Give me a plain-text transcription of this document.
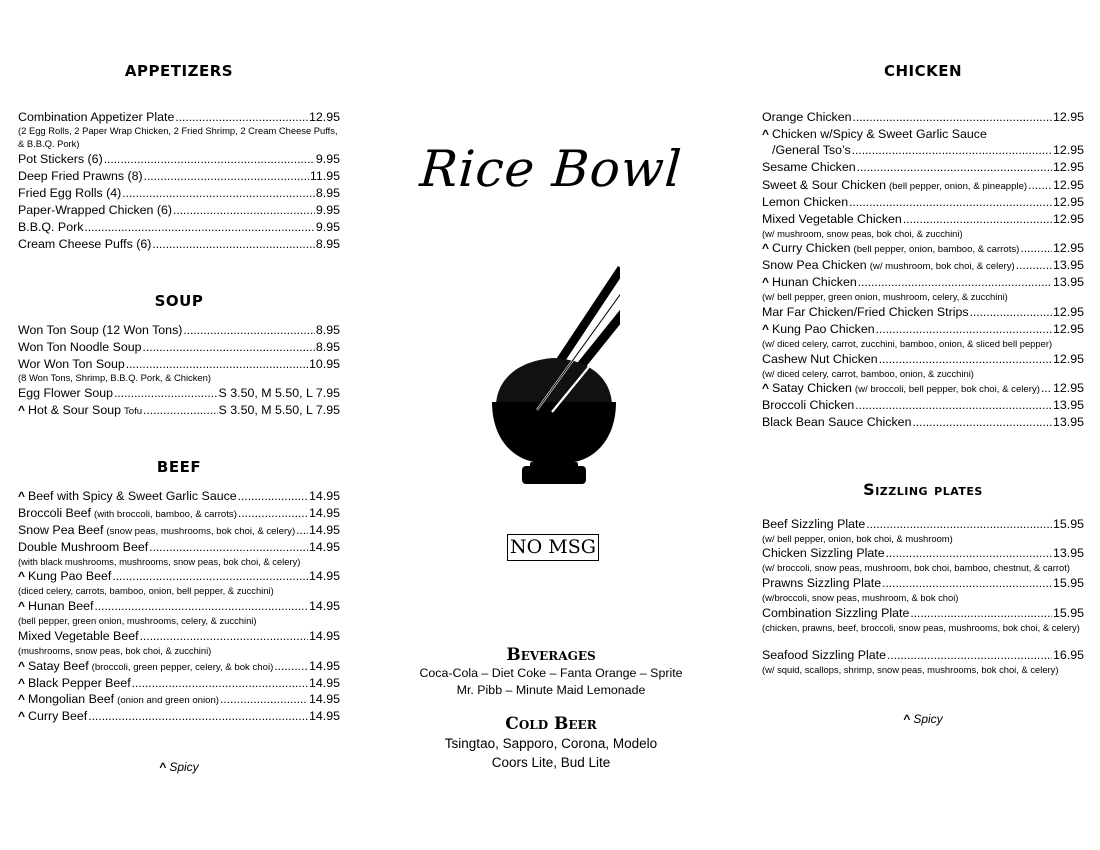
APPETIZERS
Combination Appetizer Plate .....	12.95
(2 Egg Rolls, 2 Paper Wrap Chicken, 2 Fried Shrimp, 2 Cream Cheese Puffs, & B.B.Q. Pork)
Pot Stickers (6) .....	9.95
Deep Fried Prawns (8) .....	11.95
Fried Egg Rolls (4) .....	8.95
Paper-Wrapped Chicken (6) .....	9.95
B.B.Q. Pork .....	9.95
Cream Cheese Puffs (6) .....	8.95
SOUP
Won Ton Soup (12 Won Tons) .....	8.95
Won Ton Noodle Soup .....	8.95
Wor Won Ton Soup .....	10.95
(8 Won Tons, Shrimp, B.B.Q. Pork, & Chicken)
Egg Flower Soup .....	S 3.50, M 5.50, L 7.95
^ Hot & Sour Soup Tofu .....	S 3.50, M 5.50, L 7.95
BEEF
^ Beef with Spicy & Sweet Garlic Sauce .....	14.95
Broccoli Beef (with broccoli, bamboo, & carrots) .....	14.95
Snow Pea Beef (snow peas, mushrooms, bok choi, & celery) ..... 14.95
Double Mushroom Beef .....	14.95
(with black mushrooms, mushrooms, snow peas, bok choi, & celery)
^ Kung Pao Beef .....	14.95
(diced celery, carrots, bamboo, onion, bell pepper, & zucchini)
^ Hunan Beef .....	14.95
(bell pepper, green onion, mushrooms, celery, & zucchini)
Mixed Vegetable Beef .....	14.95
(mushrooms, snow peas, bok choi, & zucchini)
^ Satay Beef (broccoli, green pepper, celery, & bok choi) .....	14.95
^ Black Pepper Beef .....	14.95
^ Mongolian Beef (onion and green onion) .....	14.95
^ Curry Beef .....	14.95
^ Spicy
Rice Bowl
NO MSG
Beverages
Coca-Cola – Diet Coke – Fanta Orange – Sprite
Mr. Pibb – Minute Maid Lemonade
Cold Beer
Tsingtao, Sapporo, Corona, Modelo
Coors Lite, Bud Lite
CHICKEN
Orange Chicken .....	12.95
^ Chicken w/Spicy & Sweet Garlic Sauce
/General Tso’s .....	12.95
Sesame Chicken .....	12.95
Sweet & Sour Chicken (bell pepper, onion, & pineapple) ..... 12.95
Lemon Chicken .....	12.95
Mixed Vegetable Chicken .....	12.95
(w/ mushroom, snow peas, bok choi, & zucchini)
^ Curry Chicken (bell pepper, onion, bamboo, & carrots) .....	12.95
Snow Pea Chicken (w/ mushroom, bok choi, & celery) .....	13.95
^ Hunan Chicken .....	13.95
(w/ bell pepper, green onion, mushroom, celery, & zucchini)
Mar Far Chicken/Fried Chicken Strips .....	12.95
^ Kung Pao Chicken .....	12.95
(w/ diced celery, carrot, zucchini, bamboo, onion, & sliced bell pepper)
Cashew Nut Chicken .....	12.95
(w/ diced celery, carrot, bamboo, onion, & zucchini)
^ Satay Chicken (w/ broccoli, bell pepper, bok choi, & celery) ..... 12.95
Broccoli Chicken .....	13.95
Black Bean Sauce Chicken .....	13.95
Sizzling plates
Beef Sizzling Plate .....	15.95
(w/ bell pepper, onion, bok choi, & mushroom)
Chicken Sizzling Plate .....	13.95
(w/ broccoli, snow peas, mushroom, bok choi, bamboo, chestnut, & carrot)
Prawns Sizzling Plate .....	15.95
(w/broccoli, snow peas, mushroom, & bok choi)
Combination Sizzling Plate .....	15.95
(chicken, prawns, beef, broccoli, snow peas, mushrooms, bok choi, & celery)
Seafood Sizzling Plate .....	16.95
(w/ squid, scallops, shrimp, snow peas, mushrooms, bok choi, & celery)
^ Spicy
